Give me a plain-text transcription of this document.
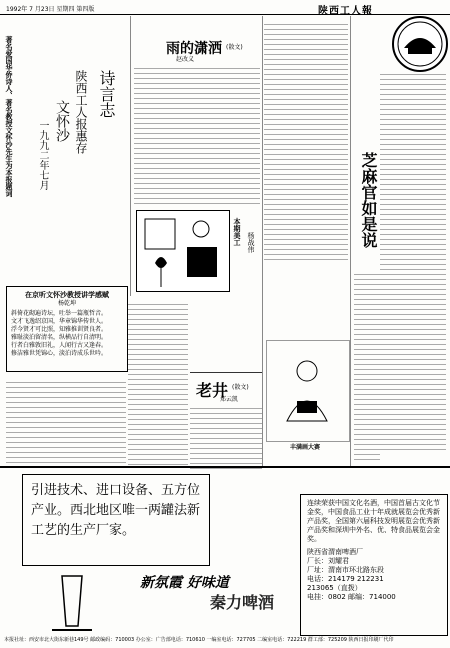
1992年 7 月23日 星期四 第四版	陕西工人報
著名爱国华侨诗人、著名教授文怀沙先生为本报题词	诗言志
陕西工人报惠存
文怀沙
一九九二年七月
在京听文怀沙教授讲学感赋
杨乾坤
斜倚花砌遍诗坛，吐举一篇瓶哲音。
文才飞逸绍京国，华章锦华传世人。
浮今贤才可比照，知雅推训贤良者。
雅耻淡泊留清名，纵横品行自清明。
行者白雅敦旧礼，人闻行古又逢春。
修洁雅世凭锦心，淡泊诗成乐世吟。
雨的潇洒 (散文)
赵改义
本期美工 杨战伟	芝麻官如是说
老井 (散文)
郑云凯
丰满画大赛
引进技术、进口设备、五方位产业。西北地区唯一两罐法新工艺的生产厂家。
新氛霞 好味道
秦力啤酒
连续荣获中国文化名酒，中国首届古文化节金奖，中国食品工业十年成就展览会优秀新产品奖，全国第六届科技发明展览会优秀新产品奖和深圳中外名、优、特食品展览会金奖。
陕西省渭南啤酒厂
厂长：刘耀君
厂址：渭南市环北路东段
电话：214179 212231
213065（直拨）
电挂：0802 邮编：714000
本报社址：西安市北大街东新巷149号 邮政编码：710003 办公室：广告部电话：710610 一编室电话：727705 二编室电话：722219 群工部：725209 陕西日报印刷厂代印
